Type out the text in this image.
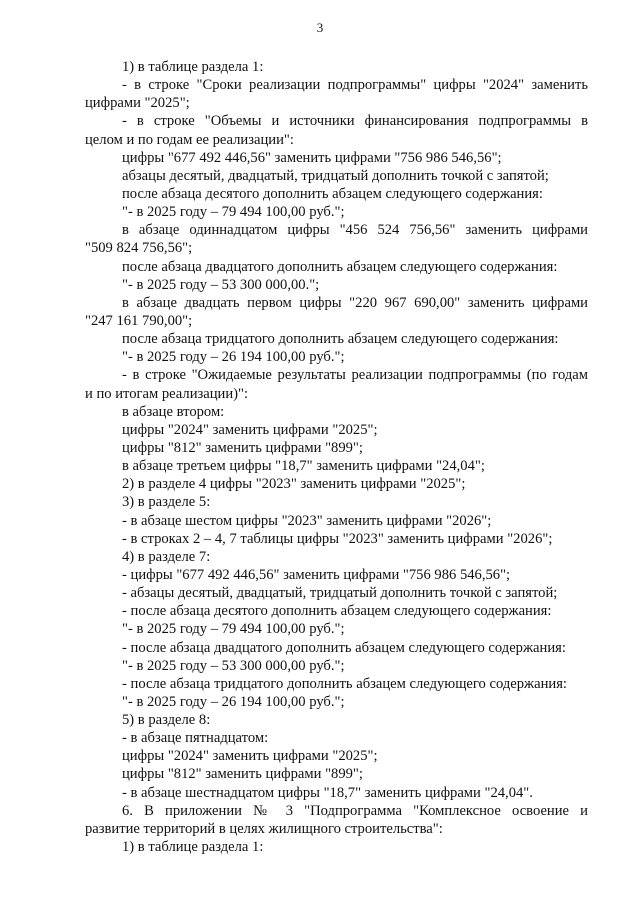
3
1) в таблице раздела 1:
- в строке "Сроки реализации подпрограммы" цифры "2024" заменить
цифрами "2025";
- в строке "Объемы и источники финансирования подпрограммы в
целом и по годам ее реализации":
цифры "677 492 446,56" заменить цифрами "756 986 546,56";
абзацы десятый, двадцатый, тридцатый дополнить точкой с запятой;
после абзаца десятого дополнить абзацем следующего содержания:
"- в 2025 году – 79 494 100,00 руб.";
в абзаце одиннадцатом цифры "456 524 756,56" заменить цифрами
"509 824 756,56";
после абзаца двадцатого дополнить абзацем следующего содержания:
"- в 2025 году – 53 300 000,00.";
в абзаце двадцать первом цифры "220 967 690,00" заменить цифрами
"247 161 790,00";
после абзаца тридцатого дополнить абзацем следующего содержания:
"- в 2025 году – 26 194 100,00 руб.";
- в строке "Ожидаемые результаты реализации подпрограммы (по годам
и по итогам реализации)":
в абзаце втором:
цифры "2024" заменить цифрами "2025";
цифры "812" заменить цифрами "899";
в абзаце третьем цифры "18,7" заменить цифрами "24,04";
2) в разделе 4 цифры "2023" заменить цифрами "2025";
3) в разделе 5:
- в абзаце шестом цифры "2023" заменить цифрами "2026";
- в строках 2 – 4, 7 таблицы цифры "2023" заменить цифрами "2026";
4) в разделе 7:
- цифры "677 492 446,56" заменить цифрами "756 986 546,56";
- абзацы десятый, двадцатый, тридцатый дополнить точкой с запятой;
- после абзаца десятого дополнить абзацем следующего содержания:
"- в 2025 году – 79 494 100,00 руб.";
- после абзаца двадцатого дополнить абзацем следующего содержания:
"- в 2025 году – 53 300 000,00 руб.";
- после абзаца тридцатого дополнить абзацем следующего содержания:
"- в 2025 году – 26 194 100,00 руб.";
5) в разделе 8:
- в абзаце пятнадцатом:
цифры "2024" заменить цифрами "2025";
цифры "812" заменить цифрами "899";
- в абзаце шестнадцатом цифры "18,7" заменить цифрами "24,04".
6. В приложении № 3 "Подпрограмма "Комплексное освоение и
развитие территорий в целях жилищного строительства":
1) в таблице раздела 1:
